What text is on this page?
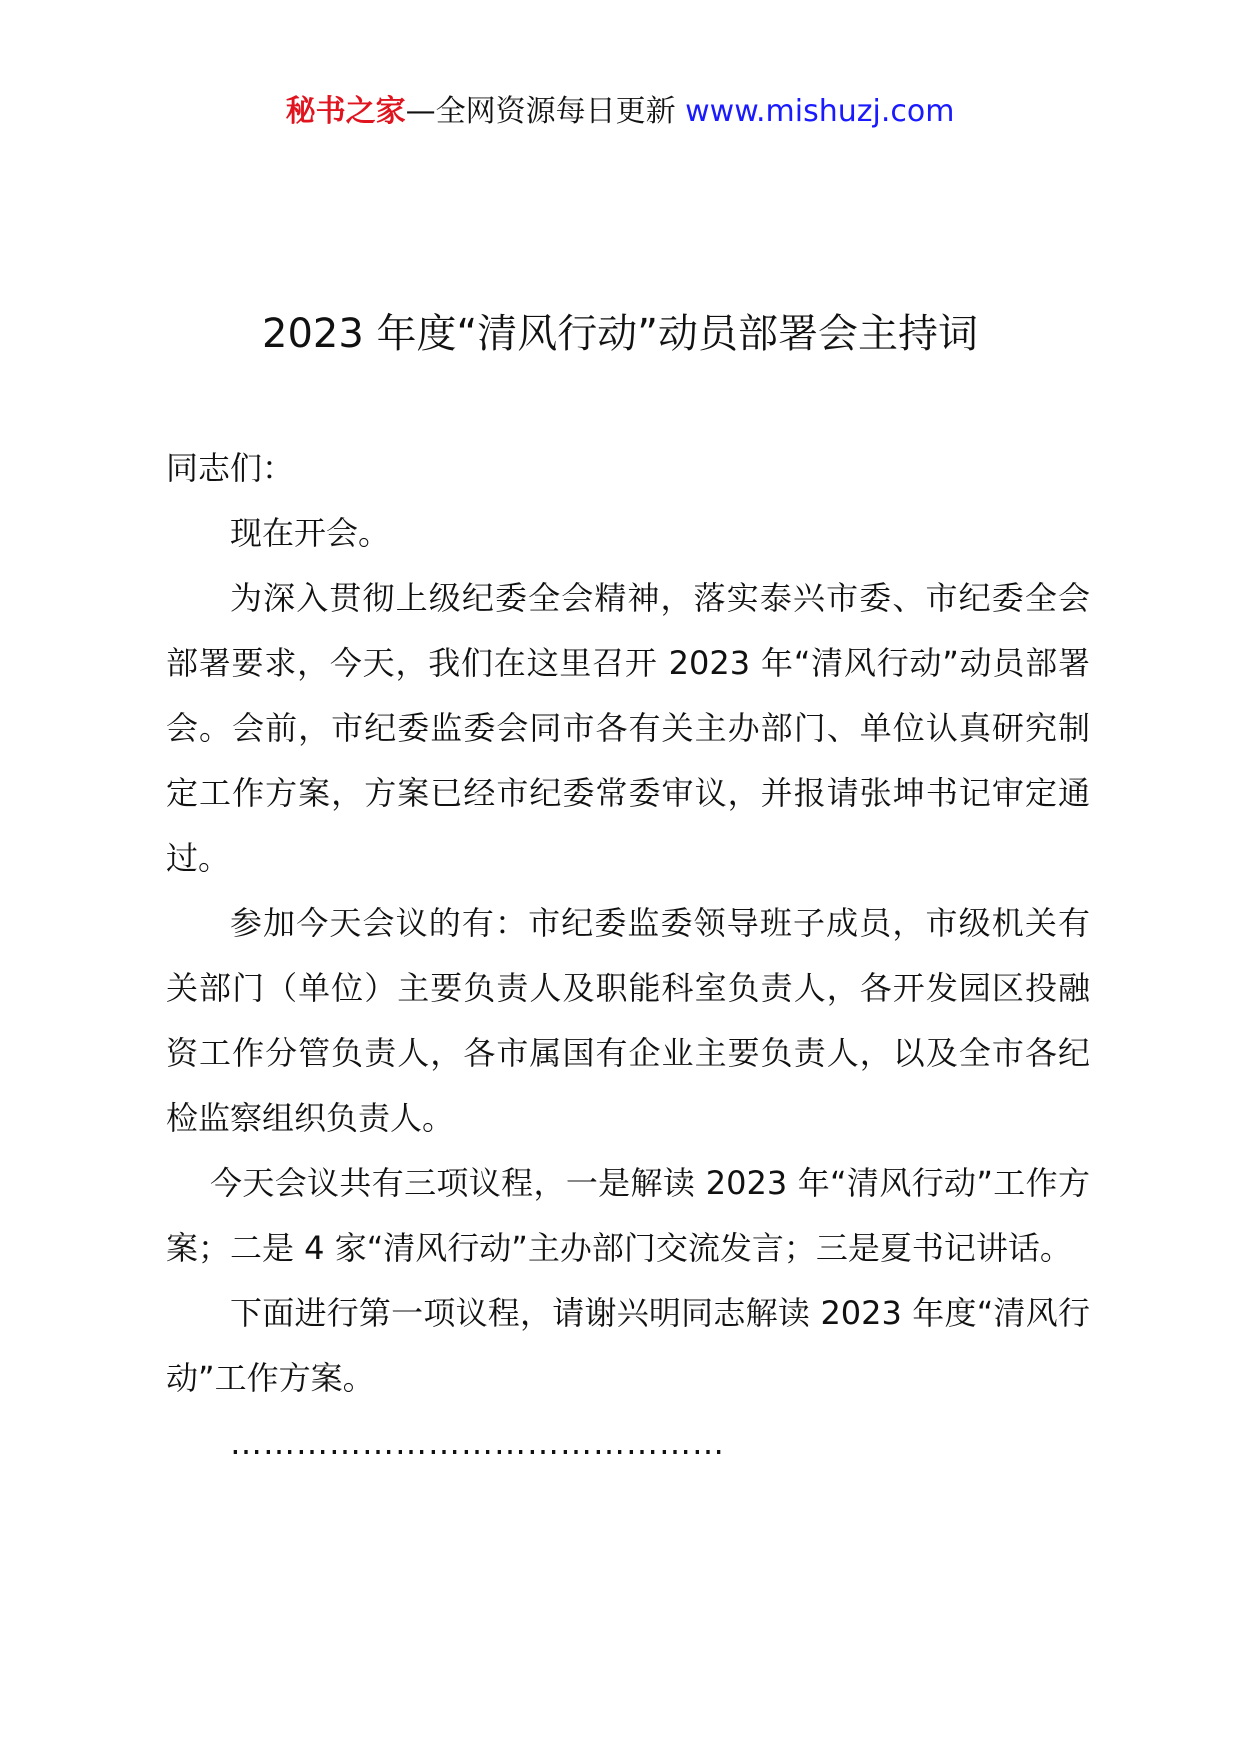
秘书之家—全网资源每日更新 www.mishuzj.com
2023 年度“清风行动”动员部署会主持词

同志们：

现在开会。

为深入贯彻上级纪委全会精神，落实泰兴市委、市纪委全会部署要求，今天，我们在这里召开 2023 年“清风行动”动员部署会。会前，市纪委监委会同市各有关主办部门、单位认真研究制定工作方案，方案已经市纪委常委审议，并报请张坤书记审定通过。

参加今天会议的有：市纪委监委领导班子成员，市级机关有关部门（单位）主要负责人及职能科室负责人，各开发园区投融资工作分管负责人，各市属国有企业主要负责人，以及全市各纪检监察组织负责人。

今天会议共有三项议程，一是解读 2023 年“清风行动”工作方案；二是 4 家“清风行动”主办部门交流发言；三是夏书记讲话。

下面进行第一项议程，请谢兴明同志解读 2023 年度“清风行动”工作方案。

………………………………………
